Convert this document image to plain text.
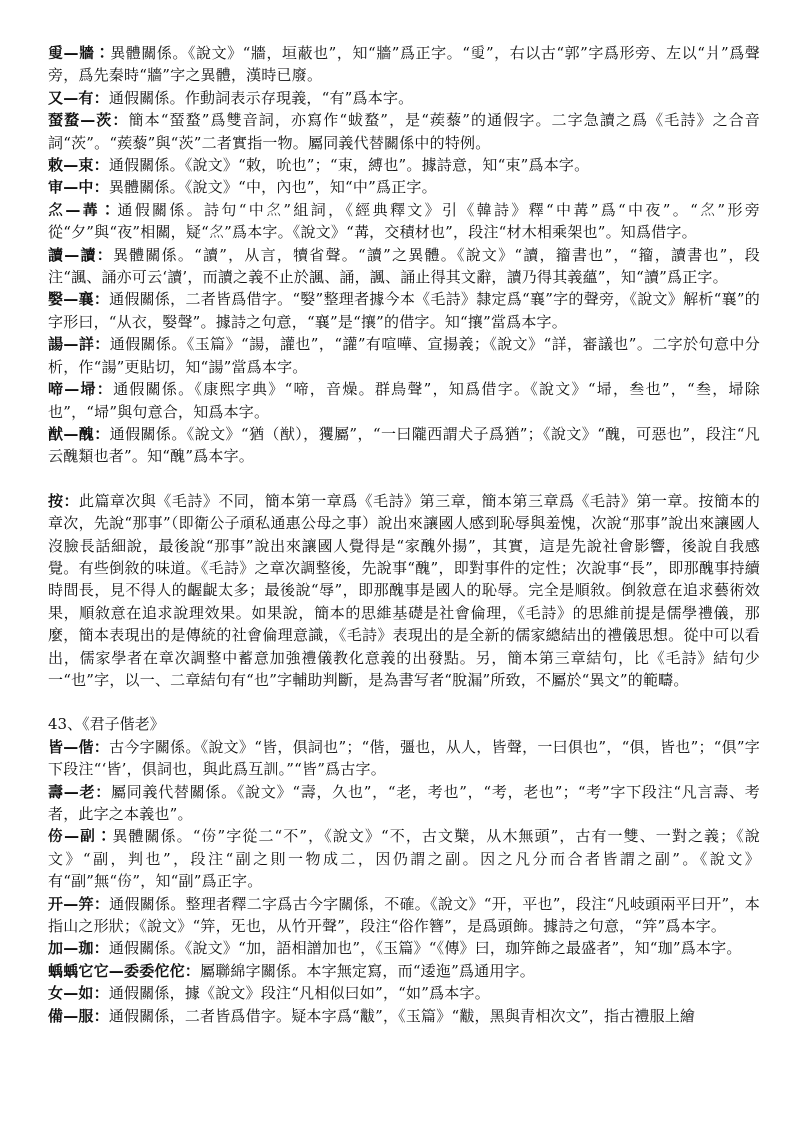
𤔣—牆：異體關係。《說文》“牆，垣蔽也”，知“牆”爲正字。“𤔣”，右以古“郭”字爲形旁、左以“爿”爲聲旁，爲先秦時“牆”字之異體，漢時已廢。

又—有：通假關係。作動詞表示存現義，“有”爲本字。

蝅蝥—茨：簡本“蝅蝥”爲雙音詞，亦寫作“蛂蝥”，是“蒺藜”的通假字。二字急讀之爲《毛詩》之合音詞“茨”。“蒺藜”與“茨”二者實指一物。屬同義代替關係中的特例。

敕—束：通假關係。《說文》“敕，吮也”；“束，縛也”。據詩意，知“束”爲本字。

审—中：異體關係。《說文》“中，內也”，知“中”爲正字。

𡖋—冓：通假關係。詩句“中𡖋”組詞，《經典釋文》引《韓詩》釋“中冓”爲“中夜”。“𡖋”形旁從“夕”與“夜”相關，疑“𡖋”爲本字。《說文》“冓，交積材也”，段注“材木相乘架也”。知爲借字。

讀—讀：異體關係。“讀”，从言，犢省聲。“讀”之異體。《說文》“讀，籀書也”，“籀，讀書也”，段注“諷、誦亦可云‘讀’，而讀之義不止於諷、誦，諷、誦止得其文辭，讀乃得其義蘊”，知“讀”爲正字。

嫛—襄：通假關係，二者皆爲借字。“嫛”整理者據今本《毛詩》隸定爲“襄”字的聲旁，《說文》解析“襄”的字形曰，“从衣，嫛聲”。據詩之句意，“襄”是“攘”的借字。知“攘”當爲本字。

諹—詳：通假關係。《玉篇》“諹，讙也”，“讙”有喧嘩、宣揚義；《說文》“詳，審議也”。二字於句意中分析，作“諹”更貼切，知“諹”當爲本字。

啼—埽：通假關係。《康熙字典》“啼，音燥。群鳥聲”，知爲借字。《說文》“埽，叁也”，“叁，埽除也”，“埽”與句意合，知爲本字。

猷—醜：通假關係。《說文》“猶（猷），玃屬”，“一曰隴西謂犬子爲猶”；《說文》“醜，可惡也”，段注“凡云醜類也者”。知“醜”爲本字。

按：此篇章次與《毛詩》不同，簡本第一章爲《毛詩》第三章，簡本第三章爲《毛詩》第一章。按簡本的章次，先說“那事”（即衛公子頑私通惠公母之事）說出來讓國人感到恥辱與羞愧，次說“那事”說出來讓國人沒臉長話細說，最後說“那事”說出來讓國人覺得是“家醜外揚”，其實，這是先說社會影響，後說自我感覺。有些倒敘的味道。《毛詩》之章次調整後，先說事“醜”，即對事件的定性；次說事“長”，即那醜事持續時間長，見不得人的齷齪太多；最後說“辱”，即那醜事是國人的恥辱。完全是順敘。倒敘意在追求藝術效果，順敘意在追求說理效果。如果說，簡本的思維基礎是社會倫理，《毛詩》的思維前提是儒學禮儀，那麼，簡本表現出的是傳統的社會倫理意識，《毛詩》表現出的是全新的儒家總結出的禮儀思想。從中可以看出，儒家學者在章次調整中蓄意加強禮儀教化意義的出發點。另，簡本第三章結句，比《毛詩》結句少一“也”字，以一、二章結句有“也”字輔助判斷，是為書写者“脫漏”所致，不屬於“異文”的範疇。

43、《君子偕老》

皆—偕：古今字關係。《說文》“皆，俱詞也”；“偕，彊也，从人，皆聲，一曰俱也”，“俱，皆也”；“俱”字下段注“‘皆’，俱詞也，與此爲互訓。”“皆”爲古字。

壽—老：屬同義代替關係。《說文》“壽，久也”，“老，考也”，“考，老也”；“考”字下段注“凡言壽、考者，此字之本義也”。

𠇴—副：異體關係。“𠇴”字從二“不”，《說文》“不，古文櫱，从木無頭”，古有一雙、一對之義；《說文》“副，判也”，段注“副之則一物成二，因仍謂之副。因之凡分而合者皆謂之副”。《說文》有“副”無“𠇴”，知“副”爲正字。

开—笄：通假關係。整理者釋二字爲古今字關係，不確。《說文》“开，平也”，段注“凡岐頭兩平曰开”，本指山之形狀；《說文》“笄，旡也，从竹开聲”，段注“俗作簪”，是爲頭飾。據詩之句意，“笄”爲本字。

加—珈：通假關係。《說文》“加，語相譄加也”，《玉篇》“《傳》曰，珈笄飾之最盛者”，知“珈”爲本字。

蝺蝺它它—委委佗佗：屬聯綿字關係。本字無定寫，而“逶迤”爲通用字。

女—如：通假關係，據《說文》段注“凡相似曰如”，“如”爲本字。

備—服：通假關係，二者皆爲借字。疑本字爲“黻”，《玉篇》“黻，黑與青相次文”，指古禮服上繪
